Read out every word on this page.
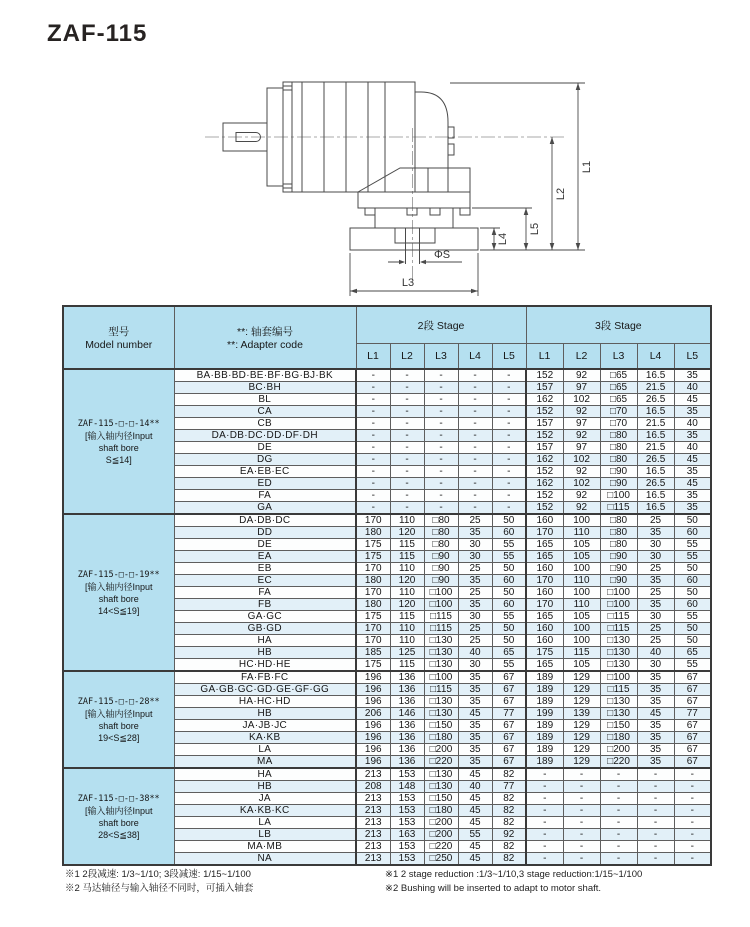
ZAF-115
L1
L2
L5
L4
L3
ΦS
型号
Model number

**: 轴套编号
**: Adapter code
	2段 Stage	3段 Stage
		L1	L2	L3	L4	L5	L1	L2	L3	L4	L5

ZAF-115-□-□-14**
[输入轴内径Input
shaft bore
S≦14]	BA·BB·BD·BE·BF·BG·BJ·BK	-	-	-	-	-	152	92	□65	16.5	35
	BC·BH	-	-	-	-	-	157	97	□65	21.5	40
	BL	-	-	-	-	-	162	102	□65	26.5	45
	CA	-	-	-	-	-	152	92	□70	16.5	35
	CB	-	-	-	-	-	157	97	□70	21.5	40
	DA·DB·DC·DD·DF·DH	-	-	-	-	-	152	92	□80	16.5	35
	DE	-	-	-	-	-	157	97	□80	21.5	40
	DG	-	-	-	-	-	162	102	□80	26.5	45
	EA·EB·EC	-	-	-	-	-	152	92	□90	16.5	35
	ED	-	-	-	-	-	162	102	□90	26.5	45
	FA	-	-	-	-	-	152	92	□100	16.5	35
	GA	-	-	-	-	-	152	92	□115	16.5	35

ZAF-115-□-□-19**
[输入轴内径Input
shaft bore
14<S≦19]	DA·DB·DC	170	110	□80	25	50	160	100	□80	25	50
	DD	180	120	□80	35	60	170	110	□80	35	60
	DE	175	115	□80	30	55	165	105	□80	30	55
	EA	175	115	□90	30	55	165	105	□90	30	55
	EB	170	110	□90	25	50	160	100	□90	25	50
	EC	180	120	□90	35	60	170	110	□90	35	60
	FA	170	110	□100	25	50	160	100	□100	25	50
	FB	180	120	□100	35	60	170	110	□100	35	60
	GA·GC	175	115	□115	30	55	165	105	□115	30	55
	GB·GD	170	110	□115	25	50	160	100	□115	25	50
	HA	170	110	□130	25	50	160	100	□130	25	50
	HB	185	125	□130	40	65	175	115	□130	40	65
	HC·HD·HE	175	115	□130	30	55	165	105	□130	30	55

ZAF-115-□-□-28**
[输入轴内径Input
shaft bore
19<S≦28]	FA·FB·FC	196	136	□100	35	67	189	129	□100	35	67
	GA·GB·GC·GD·GE·GF·GG	196	136	□115	35	67	189	129	□115	35	67
	HA·HC·HD	196	136	□130	35	67	189	129	□130	35	67
	HB	206	146	□130	45	77	199	139	□130	45	77
	JA·JB·JC	196	136	□150	35	67	189	129	□150	35	67
	KA·KB	196	136	□180	35	67	189	129	□180	35	67
	LA	196	136	□200	35	67	189	129	□200	35	67
	MA	196	136	□220	35	67	189	129	□220	35	67

ZAF-115-□-□-38**
[输入轴内径Input
shaft bore
28<S≦38]	HA	213	153	□130	45	82	-	-	-	-	-
	HB	208	148	□130	40	77	-	-	-	-	-
	JA	213	153	□150	45	82	-	-	-	-	-
	KA·KB·KC	213	153	□180	45	82	-	-	-	-	-
	LA	213	153	□200	45	82	-	-	-	-	-
	LB	213	163	□200	55	92	-	-	-	-	-
	MA·MB	213	153	□220	45	82	-	-	-	-	-
	NA	213	153	□250	45	82	-	-	-	-	-
※1 2段减速: 1/3~1/10; 3段减速: 1/15~1/100
※2 马达轴径与输入轴径不同时，可插入轴套
※1 2 stage reduction :1/3~1/10,3 stage reduction:1/15~1/100
※2 Bushing will be inserted to adapt to motor shaft.
